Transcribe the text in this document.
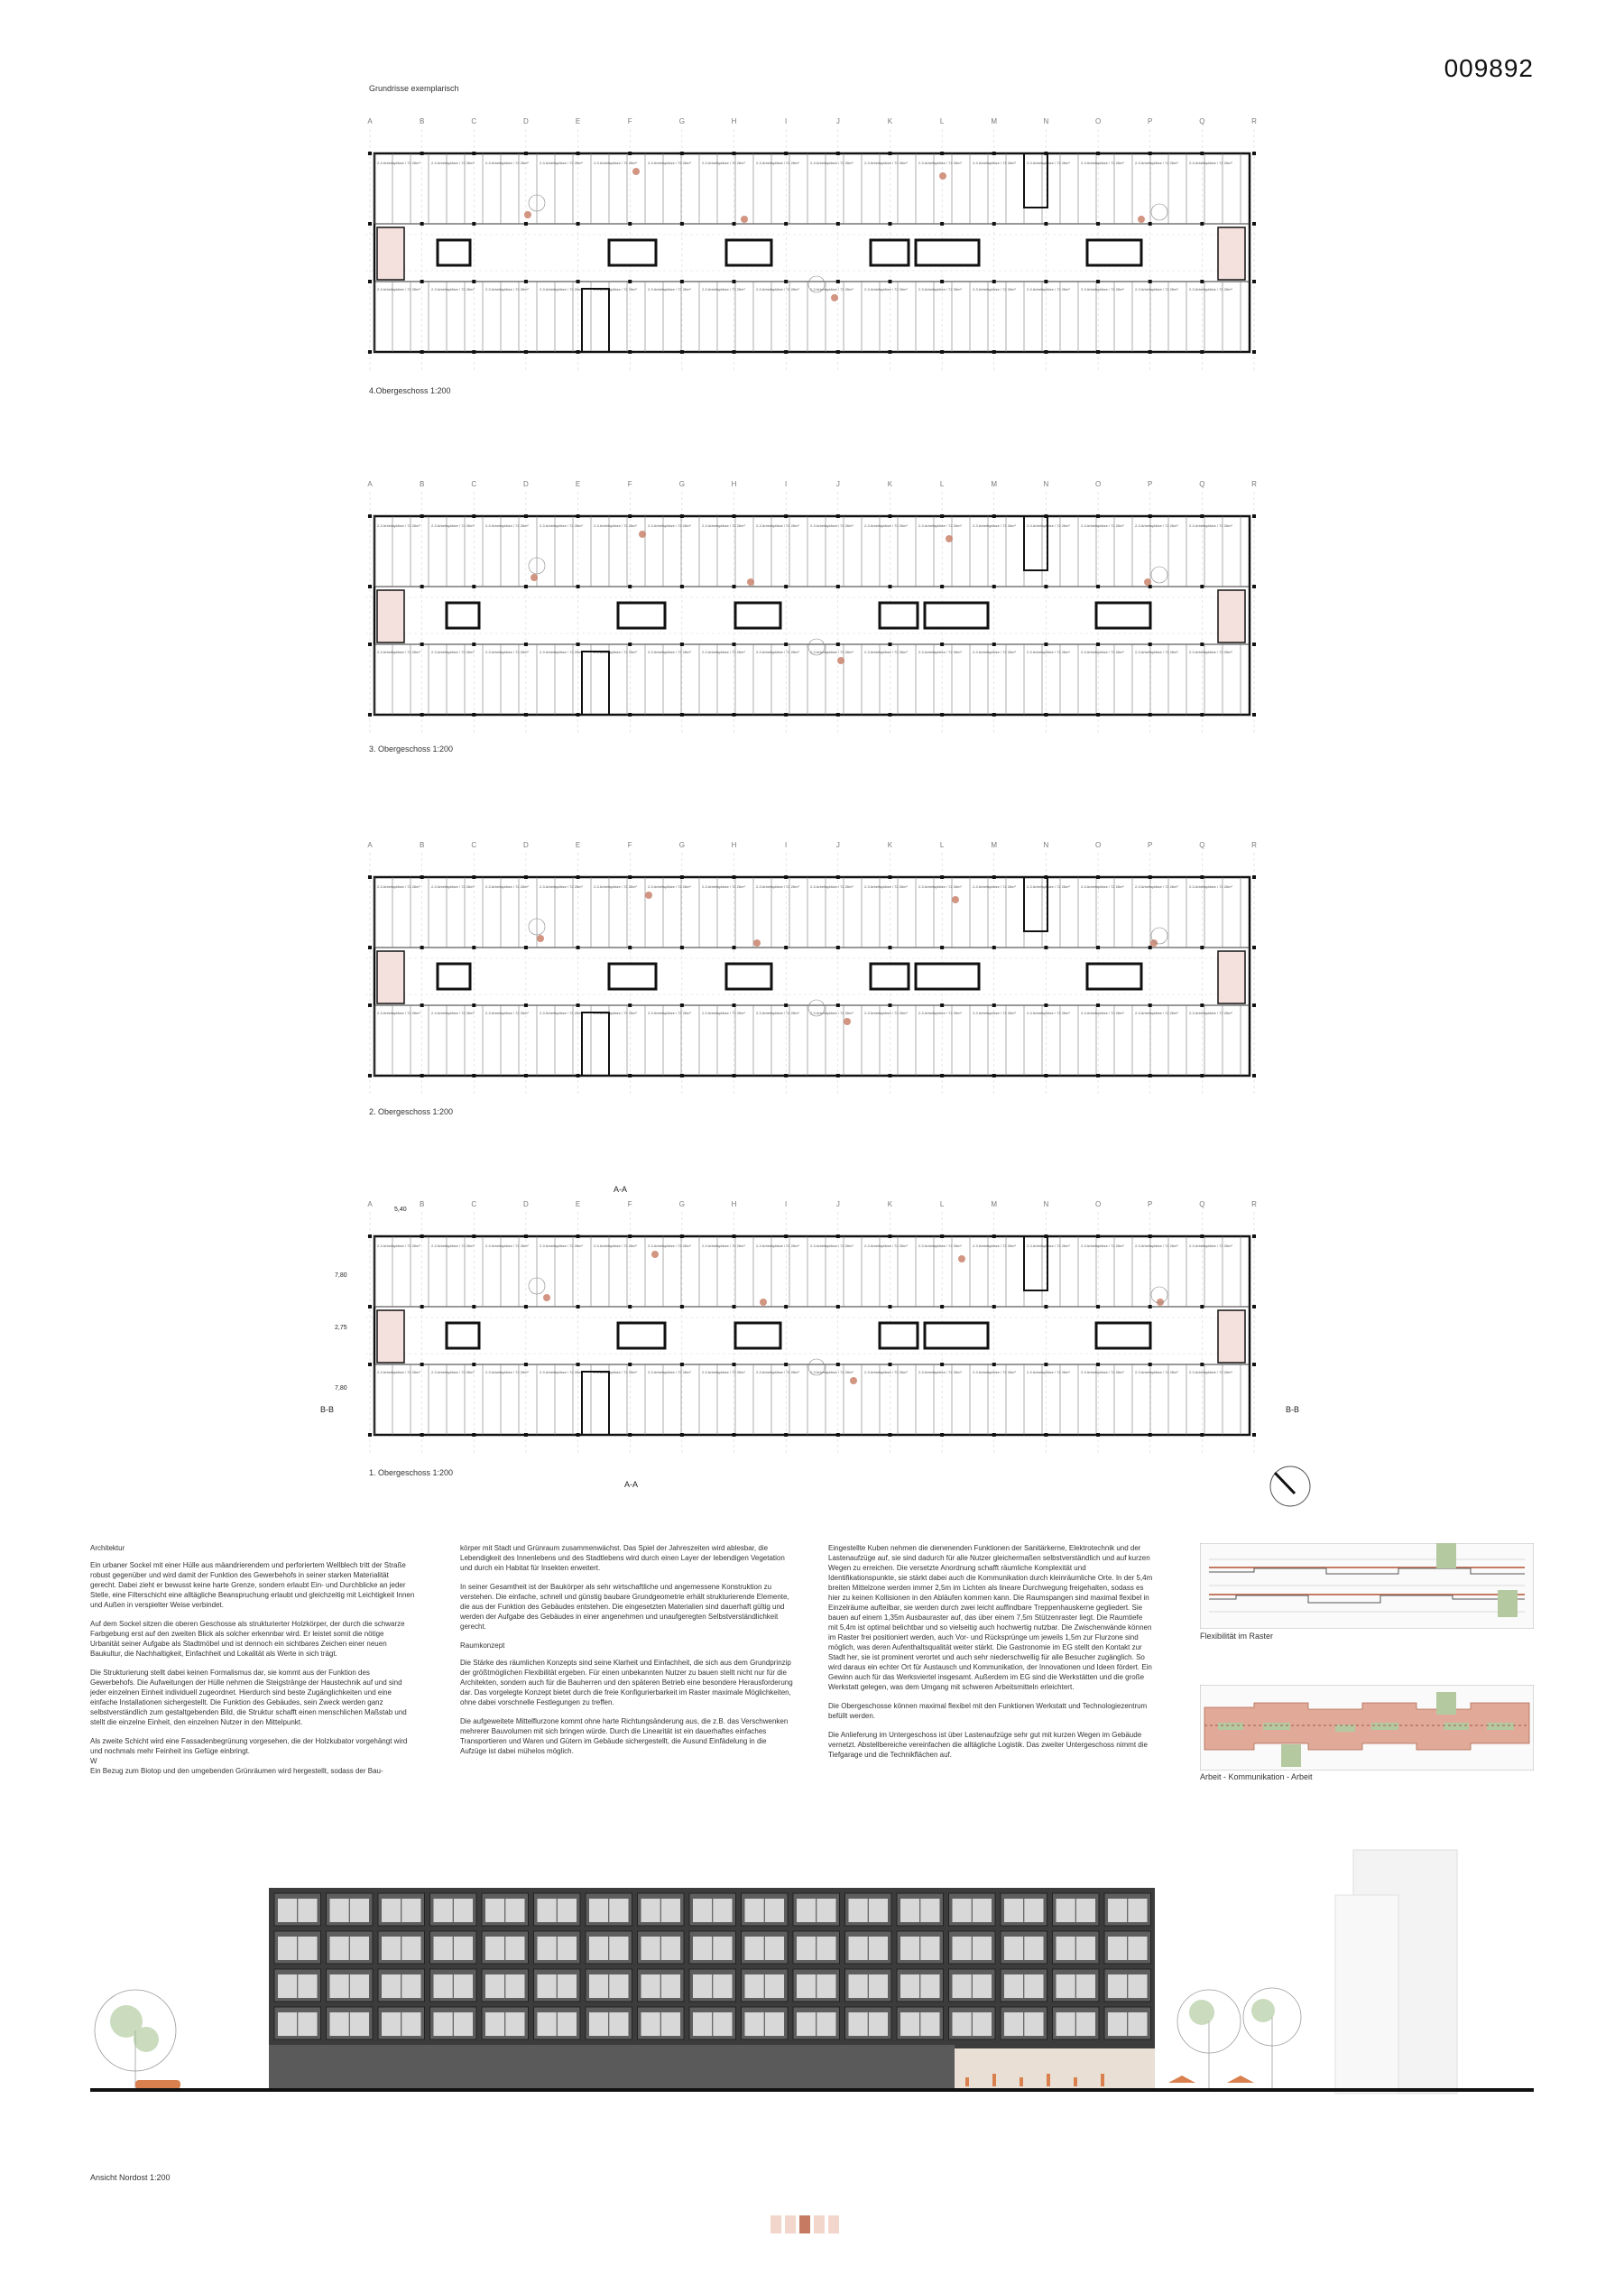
009892
Grundrisse exemplarisch
A	B	C	D	E	F	G	H	I	J	K	L	M	N	O	P	Q	R
2-3 Arbeitsplätze / 72 26m²
2-3 Arbeitsplätze / 72 26m²
2-3 Arbeitsplätze / 72 26m²
2-3 Arbeitsplätze / 72 26m²
2-3 Arbeitsplätze / 72 26m²
2-3 Arbeitsplätze / 72 26m²
2-3 Arbeitsplätze / 72 26m²
2-3 Arbeitsplätze / 72 26m²
2-3 Arbeitsplätze / 72 26m²
2-3 Arbeitsplätze / 72 26m²
2-3 Arbeitsplätze / 72 26m²
2-3 Arbeitsplätze / 72 26m²
2-3 Arbeitsplätze / 72 26m²
2-3 Arbeitsplätze / 72 26m²
2-3 Arbeitsplätze / 72 26m²
2-3 Arbeitsplätze / 72 26m²
2-3 Arbeitsplätze / 72 26m²
2-3 Arbeitsplätze / 72 26m²
2-3 Arbeitsplätze / 72 26m²
2-3 Arbeitsplätze / 72 26m²
2-3 Arbeitsplätze / 72 26m²
2-3 Arbeitsplätze / 72 26m²
2-3 Arbeitsplätze / 72 26m²
2-3 Arbeitsplätze / 72 26m²
2-3 Arbeitsplätze / 72 26m²
2-3 Arbeitsplätze / 72 26m²
2-3 Arbeitsplätze / 72 26m²
2-3 Arbeitsplätze / 72 26m²
2-3 Arbeitsplätze / 72 26m²
2-3 Arbeitsplätze / 72 26m²
2-3 Arbeitsplätze / 72 26m²
2-3 Arbeitsplätze / 72 26m²
4.Obergeschoss 1:200
A	B	C	D	E	F	G	H	I	J	K	L	M	N	O	P	Q	R
2-3 Arbeitsplätze / 72 26m²
2-3 Arbeitsplätze / 72 26m²
2-3 Arbeitsplätze / 72 26m²
2-3 Arbeitsplätze / 72 26m²
2-3 Arbeitsplätze / 72 26m²
2-3 Arbeitsplätze / 72 26m²
2-3 Arbeitsplätze / 72 26m²
2-3 Arbeitsplätze / 72 26m²
2-3 Arbeitsplätze / 72 26m²
2-3 Arbeitsplätze / 72 26m²
2-3 Arbeitsplätze / 72 26m²
2-3 Arbeitsplätze / 72 26m²
2-3 Arbeitsplätze / 72 26m²
2-3 Arbeitsplätze / 72 26m²
2-3 Arbeitsplätze / 72 26m²
2-3 Arbeitsplätze / 72 26m²
2-3 Arbeitsplätze / 72 26m²
2-3 Arbeitsplätze / 72 26m²
2-3 Arbeitsplätze / 72 26m²
2-3 Arbeitsplätze / 72 26m²
2-3 Arbeitsplätze / 72 26m²
2-3 Arbeitsplätze / 72 26m²
2-3 Arbeitsplätze / 72 26m²
2-3 Arbeitsplätze / 72 26m²
2-3 Arbeitsplätze / 72 26m²
2-3 Arbeitsplätze / 72 26m²
2-3 Arbeitsplätze / 72 26m²
2-3 Arbeitsplätze / 72 26m²
2-3 Arbeitsplätze / 72 26m²
2-3 Arbeitsplätze / 72 26m²
2-3 Arbeitsplätze / 72 26m²
2-3 Arbeitsplätze / 72 26m²
3. Obergeschoss 1:200
A	B	C	D	E	F	G	H	I	J	K	L	M	N	O	P	Q	R
2-3 Arbeitsplätze / 72 26m²
2-3 Arbeitsplätze / 72 26m²
2-3 Arbeitsplätze / 72 26m²
2-3 Arbeitsplätze / 72 26m²
2-3 Arbeitsplätze / 72 26m²
2-3 Arbeitsplätze / 72 26m²
2-3 Arbeitsplätze / 72 26m²
2-3 Arbeitsplätze / 72 26m²
2-3 Arbeitsplätze / 72 26m²
2-3 Arbeitsplätze / 72 26m²
2-3 Arbeitsplätze / 72 26m²
2-3 Arbeitsplätze / 72 26m²
2-3 Arbeitsplätze / 72 26m²
2-3 Arbeitsplätze / 72 26m²
2-3 Arbeitsplätze / 72 26m²
2-3 Arbeitsplätze / 72 26m²
2-3 Arbeitsplätze / 72 26m²
2-3 Arbeitsplätze / 72 26m²
2-3 Arbeitsplätze / 72 26m²
2-3 Arbeitsplätze / 72 26m²
2-3 Arbeitsplätze / 72 26m²
2-3 Arbeitsplätze / 72 26m²
2-3 Arbeitsplätze / 72 26m²
2-3 Arbeitsplätze / 72 26m²
2-3 Arbeitsplätze / 72 26m²
2-3 Arbeitsplätze / 72 26m²
2-3 Arbeitsplätze / 72 26m²
2-3 Arbeitsplätze / 72 26m²
2-3 Arbeitsplätze / 72 26m²
2-3 Arbeitsplätze / 72 26m²
2-3 Arbeitsplätze / 72 26m²
2-3 Arbeitsplätze / 72 26m²
2. Obergeschoss 1:200
A	B	C	D	E	F	G	H	I	J	K	L	M	N	O	P	Q	R
2-3 Arbeitsplätze / 72 26m²
2-3 Arbeitsplätze / 72 26m²
2-3 Arbeitsplätze / 72 26m²
2-3 Arbeitsplätze / 72 26m²
2-3 Arbeitsplätze / 72 26m²
2-3 Arbeitsplätze / 72 26m²
2-3 Arbeitsplätze / 72 26m²
2-3 Arbeitsplätze / 72 26m²
2-3 Arbeitsplätze / 72 26m²
2-3 Arbeitsplätze / 72 26m²
2-3 Arbeitsplätze / 72 26m²
2-3 Arbeitsplätze / 72 26m²
2-3 Arbeitsplätze / 72 26m²
2-3 Arbeitsplätze / 72 26m²
2-3 Arbeitsplätze / 72 26m²
2-3 Arbeitsplätze / 72 26m²
2-3 Arbeitsplätze / 72 26m²
2-3 Arbeitsplätze / 72 26m²
2-3 Arbeitsplätze / 72 26m²
2-3 Arbeitsplätze / 72 26m²
2-3 Arbeitsplätze / 72 26m²
2-3 Arbeitsplätze / 72 26m²
2-3 Arbeitsplätze / 72 26m²
2-3 Arbeitsplätze / 72 26m²
2-3 Arbeitsplätze / 72 26m²
2-3 Arbeitsplätze / 72 26m²
2-3 Arbeitsplätze / 72 26m²
2-3 Arbeitsplätze / 72 26m²
2-3 Arbeitsplätze / 72 26m²
2-3 Arbeitsplätze / 72 26m²
2-3 Arbeitsplätze / 72 26m²
2-3 Arbeitsplätze / 72 26m²
1. Obergeschoss 1:200
A-A
A-A
B-B	B-B
5,40
7,80
2,75
7,80
Architektur

Ein urbaner Sockel mit einer Hülle aus mäandrierendem und perforiertem Wellblech tritt der Straße robust gegenüber und wird damit der Funktion des Gewerbehofs in seiner starken Materialität gerecht. Dabei zieht er bewusst keine harte Grenze, sondern erlaubt Ein- und Durchblicke an jeder Stelle, eine Filterschicht eine alltägliche Beanspruchung erlaubt und gleichzeitig mit Leichtigkeit Innen und Außen in verspielter Weise verbindet.

Auf dem Sockel sitzen die oberen Geschosse als strukturierter Holzkörper, der durch die schwarze Farbgebung erst auf den zweiten Blick als solcher erkennbar wird. Er leistet somit die nötige Urbanität seiner Aufgabe als Stadtmöbel und ist dennoch ein sichtbares Zeichen einer neuen Baukultur, die Nachhaltigkeit, Einfachheit und Lokalität als Werte in sich trägt.

Die Strukturierung stellt dabei keinen Formalismus dar, sie kommt aus der Funktion des Gewerbehofs. Die Aufweitungen der Hülle nehmen die Steigstränge der Haustechnik auf und sind jeder einzelnen Einheit individuell zugeordnet. Hierdurch sind beste Zugänglichkeiten und eine einfache Installationen sichergestellt. Die Funktion des Gebäudes, sein Zweck werden ganz selbstverständlich zum gestaltgebenden Bild, die Struktur schafft einen menschlichen Maßstab und stellt die einzelne Einheit, den einzelnen Nutzer in den Mittelpunkt.

Als zweite Schicht wird eine Fassadenbegrünung vorgesehen, die der Holzkubator vorgehängt wird und nochmals mehr Feinheit ins Gefüge einbringt.
W
Ein Bezug zum Biotop und den umgebenden Grünräumen wird hergestellt, sodass der Bau-

körper mit Stadt und Grünraum zusammenwächst. Das Spiel der Jahreszeiten wird ablesbar, die Lebendigkeit des Innenlebens und des Stadtlebens wird durch einen Layer der lebendigen Vegetation und durch ein Habitat für Insekten erweitert.

In seiner Gesamtheit ist der Baukörper als sehr wirtschaftliche und angemessene Konstruktion zu verstehen. Die einfache, schnell und günstig baubare Grundgeometrie erhält strukturierende Elemente, die aus der Funktion des Gebäudes entstehen. Die eingesetzten Materialien sind dauerhaft gültig und werden der Aufgabe des Gebäudes in einer angenehmen und unaufgeregten Selbstverständlichkeit gerecht.

Raumkonzept

Die Stärke des räumlichen Konzepts sind seine Klarheit und Einfachheit, die sich aus dem Grundprinzip der größtmöglichen Flexibilität ergeben. Für einen unbekannten Nutzer zu bauen stellt nicht nur für die Architekten, sondern auch für die Bauherren und den späteren Betrieb eine besondere Herausforderung dar. Das vorgelegte Konzept bietet durch die freie Konfigurierbarkeit im Raster maximale Möglichkeiten, ohne dabei vorschnelle Festlegungen zu treffen.

Die aufgeweitete Mittelflurzone kommt ohne harte Richtungsänderung aus, die z.B. das Verschwenken mehrerer Bauvolumen mit sich bringen würde. Durch die Linearität ist ein dauerhaftes einfaches Transportieren und Waren und Gütern im Gebäude sichergestellt, die Ausund Einfädelung in die Aufzüge ist dabei mühelos möglich.

Eingestellte Kuben nehmen die dienenenden Funktionen der Sanitärkerne, Elektrotechnik und der Lastenaufzüge auf, sie sind dadurch für alle Nutzer gleichermaßen selbstverständlich und auf kurzen Wegen zu erreichen. Die versetzte Anordnung schafft räumliche Komplexität und Identifikationspunkte, sie stärkt dabei auch die Kommunikation durch kleinräumliche Orte. In der 5,4m breiten Mittelzone werden immer 2,5m im Lichten als lineare Durchwegung freigehalten, sodass es hier zu keinen Kollisionen in den Abläufen kommen kann. Die Raumspangen sind maximal flexibel in Einzelräume aufteilbar, sie werden durch zwei leicht auffindbare Treppenhauskerne gegliedert. Sie bauen auf einem 1,35m Ausbauraster auf, das über einem 7,5m Stützenraster liegt. Die Raumtiefe mit 5,4m ist optimal belichtbar und so vielseitig auch hochwertig nutzbar. Die Zwischenwände können im Raster frei positioniert werden, auch Vor- und Rücksprünge um jeweils 1,5m zur Flurzone sind möglich, was deren Aufenthaltsqualität weiter stärkt. Die Gastronomie im EG stellt den Kontakt zur Stadt her, sie ist prominent verortet und auch sehr niederschwellig für alle Besucher zugänglich. So wird daraus ein echter Ort für Austausch und Kommunikation, der Innovationen und Ideen fördert. Ein Gewinn auch für das Werksviertel insgesamt. Außerdem im EG sind die Werkstätten und die große Werkstatt gelegen, was dem Umgang mit schweren Arbeitsmitteln erleichtert.

Die Obergeschosse können maximal flexibel mit den Funktionen Werkstatt und Technologiezentrum befüllt werden.

Die Anlieferung im Untergeschoss ist über Lastenaufzüge sehr gut mit kurzen Wegen im Gebäude vernetzt. Abstellbereiche vereinfachen die alltägliche Logistik. Das zweiter Untergeschoss nimmt die Tiefgarage und die Technikflächen auf.

Flexibilität im Raster
Arbeit - Kommunikation - Arbeit
Ansicht Nordost 1:200
